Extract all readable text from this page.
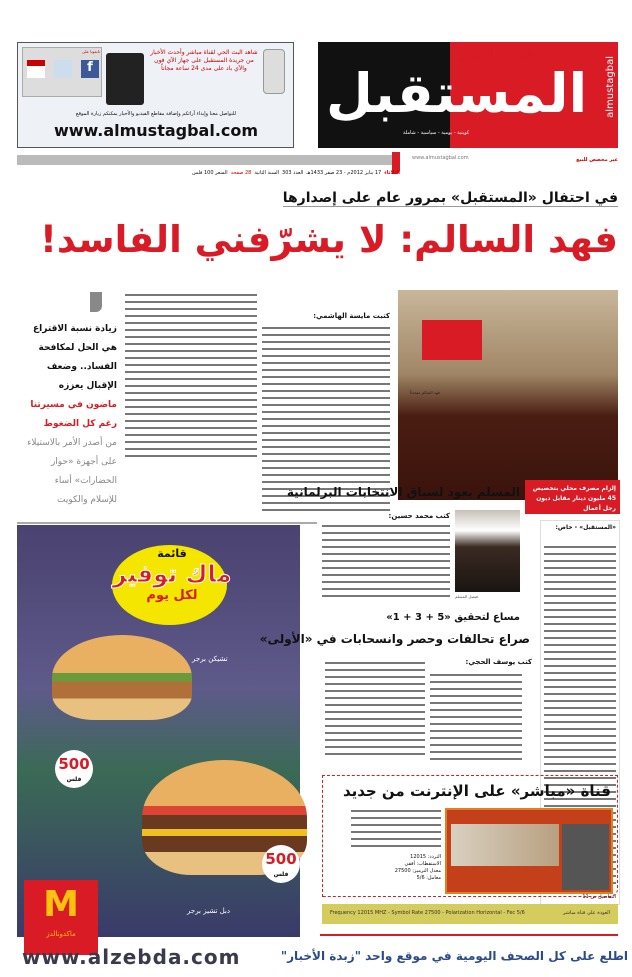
تابعونا على
f
شاهد البث الحي لقناة مباشر وأحدث الأخبار من جريدة المستقبل على جهاز الآي فون والآي باد على مدى 24 ساعة مجاناً
للتواصل معنا وإبداء آرائكم وإضافة مقاطع الفيديو والأخبار يمكنكم زيارة الموقع
www.almustagbal.com
الكويت للجميع
المستقبل almustagbal
كويتية - يومية - سياسية - شاملة
www.almustagbal.com	غير مخصص للبيع
الثلاثاء
17 يناير 2012م - 23 صفر 1433هـ
العدد 303
السنة الثانية
28 صفحة
السعر 100 فلس
في احتفال «المستقبل» بمرور عام على إصدارها
فهد السالم: لا يشرّفني الفاسد!
فهد السالم متحدثاً
كتبت مايسة الهاشمي:
زيادة نسبة الاقتراع
هي الحل لمكافحة
الفساد.. وضعف
الإقبال يعززه
ماضون في مسيرتنا
رغم كل الضغوط
من أصدر الأمر بالاستيلاء
على أجهزة «حوار
الحضارات» أساء
للإسلام والكويت
قائمة
ماك توفير
لكل يوم
تشيكن برجر
500
فلس
500
فلس
دبل تشيز برجر
M
ماكدونالدز
المسلم يعود لسباق الانتخابات البرلمانية	إلزام مصرف محلي بتخصيص 45 مليون دينار مقابل ديون رجل أعمال
فيصل المسلم
كتب محمد حسين:
مساع لتحقيق «5 + 3 + 1»
صراع تحالفات وحصر وانسحابات في «الأولى»
كتب يوسف الحجي:
«المستقبل» - خاص:
التفاصيل ص 11
قناة «مباشر» على الإنترنت من جديد
التردد: 12015
الاستقطاب: أفقي
معدل الترميز: 27500
معامل: 5/6
العودة على قناة مباشر
Frequency 12015 MHZ - Symbol Rate 27500 - Polarization Horizontal - Fec 5/6
www.alzebda.com	اطلع على كل الصحف اليومية في موقع واحد "زبدة الأخبار"
